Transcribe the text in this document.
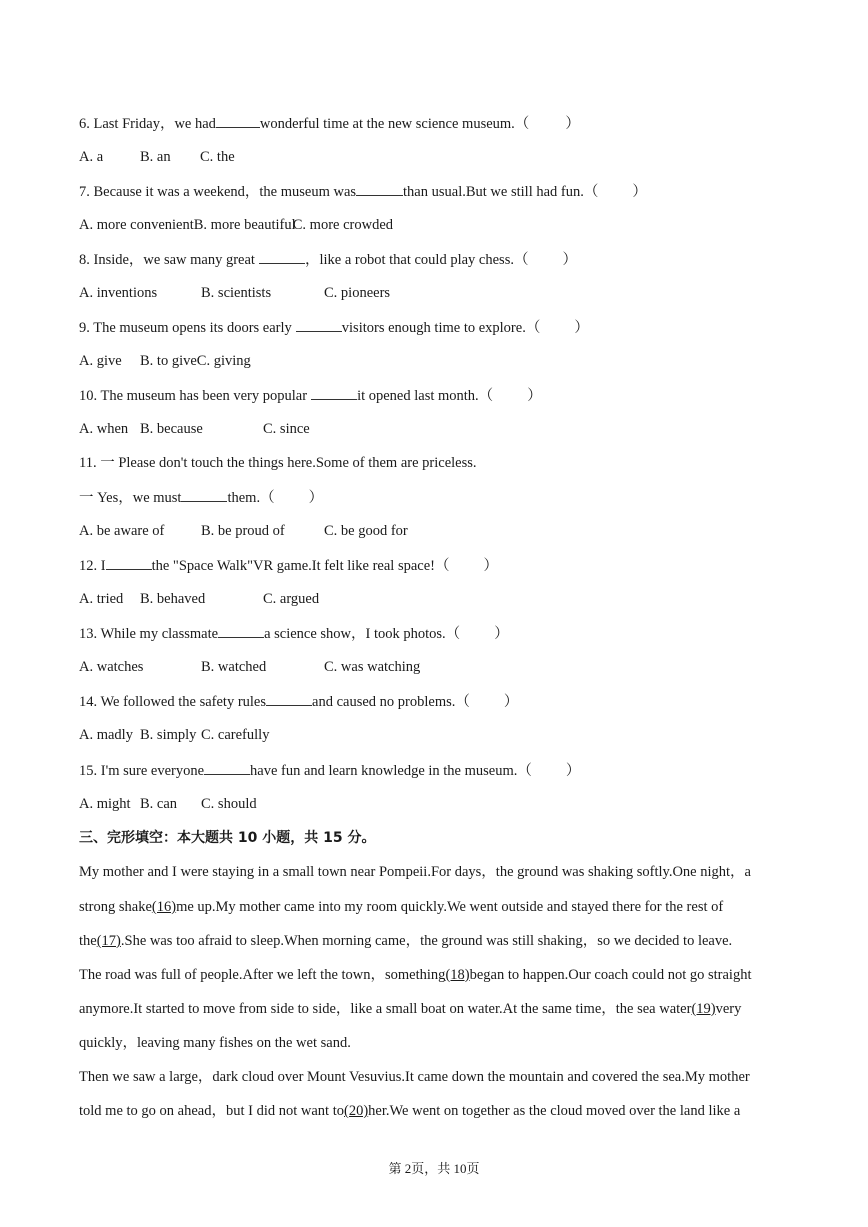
6. Last Friday，we had	wonderful time at the new science museum.（ ）
A. a	B. an C. the
7. Because it was a weekend，the museum was	than usual.But we still had fun.（ ）
A. more convenientB. more beautifulC. more crowded
8. Inside，we saw many great	，like a robot that could play chess.（ ）
A. inventions	B. scientists	C. pioneers
9. The museum opens its doors early	visitors enough time to explore.（ ）
A. give B. to giveC. giving
10. The museum has been very popular	it opened last month.（ ）
A. when B. because	C. since
11. 一 Please don't touch the things here.Some of them are priceless.
一 Yes，we must	them.（ ）
A. be aware of	B. be proud of	C. be good for
12. I	the "Space Walk"VR game.It felt like real space!（ ）
A. tried B. behaved	C. argued
13. While my classmate	a science show，I took photos.（ ）
A. watches	B. watched	C. was watching
14. We followed the safety rules	and caused no problems.（ ）
A. madly B. simply C. carefully
15. I'm sure everyone	have fun and learn knowledge in the museum.（ ）
A. might B. can C. should
三、完形填空：本大题共 10 小题，共 15 分。
My mother and I were staying in a small town near Pompeii.For days，the ground was shaking softly.One night，a
strong shake(16)me up.My mother came into my room quickly.We went outside and stayed there for the rest of
the(17).She was too afraid to sleep.When morning came，the ground was still shaking，so we decided to leave.
The road was full of people.After we left the town，something(18)began to happen.Our coach could not go straight
anymore.It started to move from side to side，like a small boat on water.At the same time，the sea water(19)very
quickly，leaving many fishes on the wet sand.
Then we saw a large，dark cloud over Mount Vesuvius.It came down the mountain and covered the sea.My mother
told me to go on ahead，but I did not want to(20)her.We went on together as the cloud moved over the land like a
第 2页，共 10页
